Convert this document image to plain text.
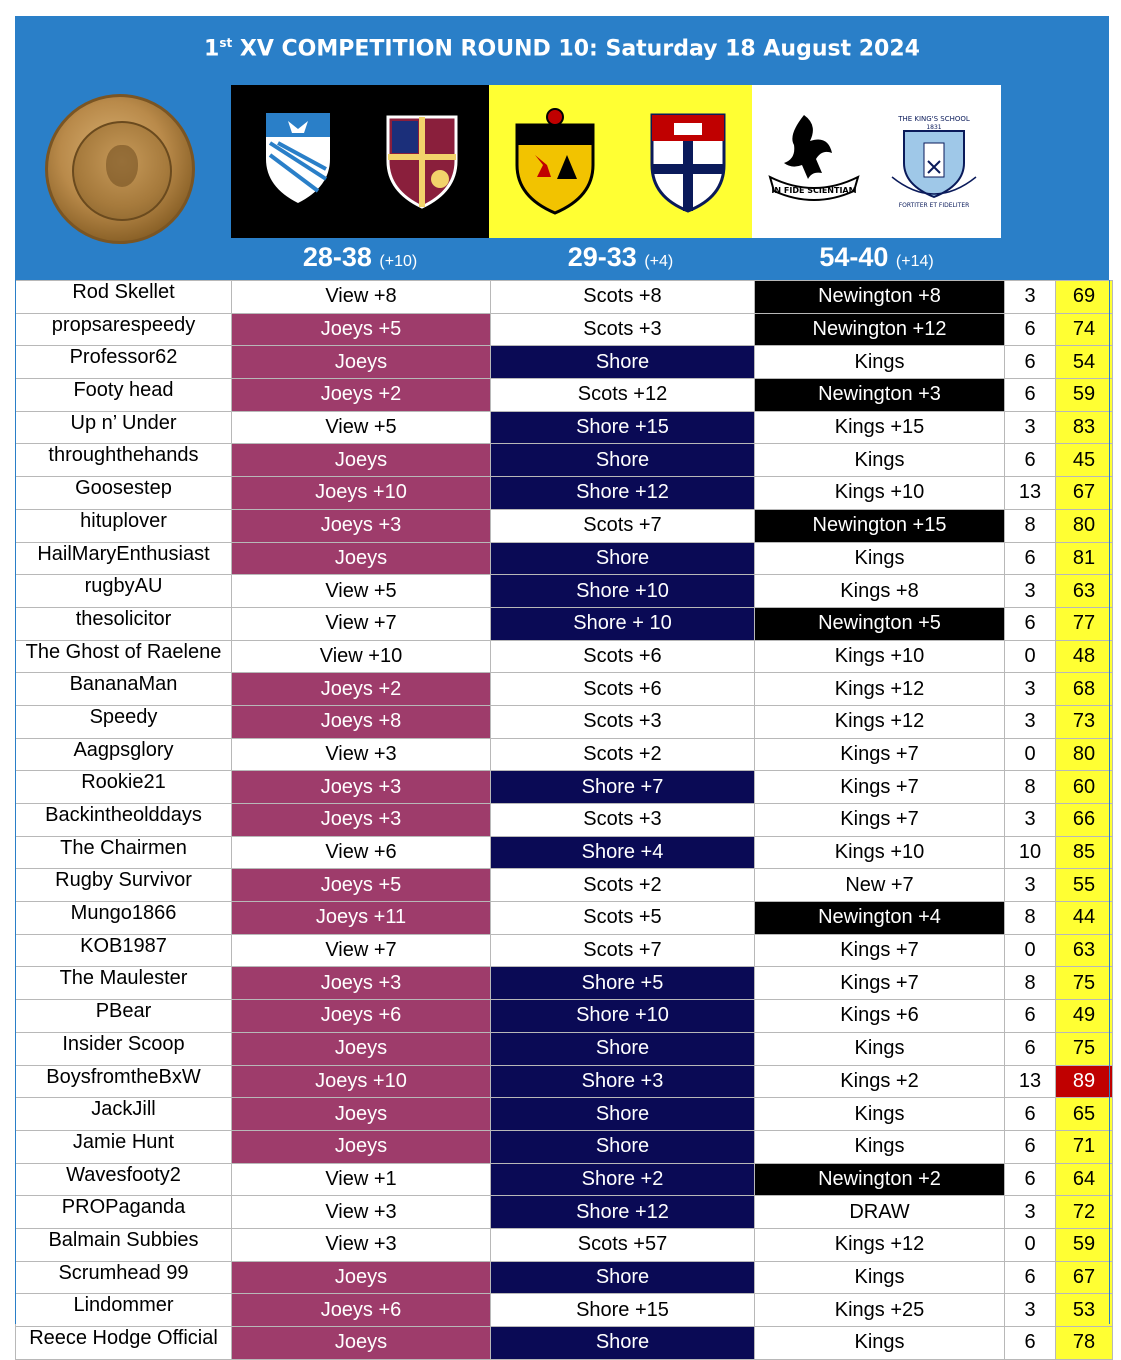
1st XV COMPETITION ROUND 10: Saturday 18 August 2024
IN FIDE SCIENTIAM
THE KING'S SCHOOL
1831
FORTITER ET FIDELITER
28-38 (+10)	29-33 (+4)	54-40 (+14)
Rod Skellet	View +8	Scots +8	Newington +8	3	69
propsarespeedy	Joeys +5	Scots +3	Newington +12	6	74
Professor62	Joeys	Shore	Kings	6	54
Footy head	Joeys +2	Scots +12	Newington +3	6	59
Up n’ Under	View +5	Shore +15	Kings +15	3	83
throughthehands	Joeys	Shore	Kings	6	45
Goosestep	Joeys +10	Shore +12	Kings +10	13	67
hituplover	Joeys +3	Scots +7	Newington +15	8	80
HailMaryEnthusiast	Joeys	Shore	Kings	6	81
rugbyAU	View +5	Shore +10	Kings +8	3	63
thesolicitor	View +7	Shore + 10	Newington +5	6	77
The Ghost of Raelene	View +10	Scots +6	Kings +10	0	48
BananaMan	Joeys +2	Scots +6	Kings +12	3	68
Speedy	Joeys +8	Scots +3	Kings +12	3	73
Aagpsglory	View +3	Scots +2	Kings +7	0	80
Rookie21	Joeys +3	Shore +7	Kings +7	8	60
Backintheolddays	Joeys +3	Scots +3	Kings +7	3	66
The Chairmen	View +6	Shore +4	Kings +10	10	85
Rugby Survivor	Joeys +5	Scots +2	New +7	3	55
Mungo1866	Joeys +11	Scots +5	Newington +4	8	44
KOB1987	View +7	Scots +7	Kings +7	0	63
The Maulester	Joeys +3	Shore +5	Kings +7	8	75
PBear	Joeys +6	Shore +10	Kings +6	6	49
Insider Scoop	Joeys	Shore	Kings	6	75
BoysfromtheBxW	Joeys +10	Shore +3	Kings +2	13	89
JackJill	Joeys	Shore	Kings	6	65
Jamie Hunt	Joeys	Shore	Kings	6	71
Wavesfooty2	View +1	Shore +2	Newington +2	6	64
PROPaganda	View +3	Shore +12	DRAW	3	72
Balmain Subbies	View +3	Scots +57	Kings +12	0	59
Scrumhead 99	Joeys	Shore	Kings	6	67
Lindommer	Joeys +6	Shore +15	Kings +25	3	53
Reece Hodge Official	Joeys	Shore	Kings	6	78
